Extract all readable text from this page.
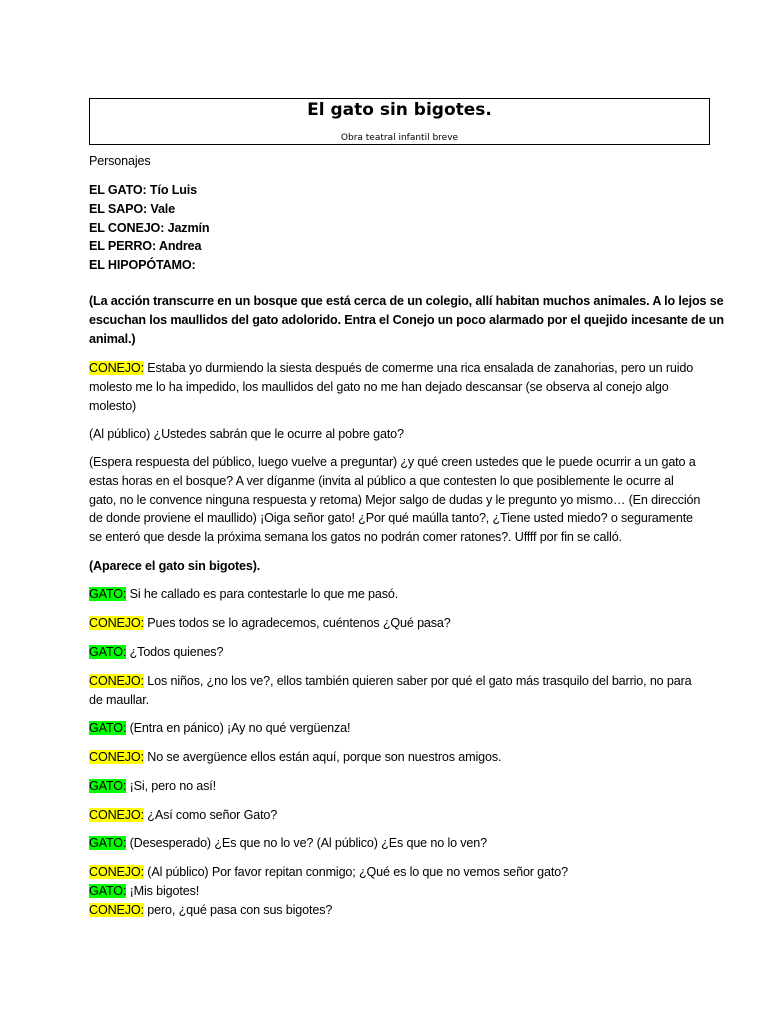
El gato sin bigotes.
Obra teatral infantil breve
Personajes
EL GATO: Tío Luis
EL SAPO: Vale
EL CONEJO: Jazmín
EL PERRO: Andrea
EL HIPOPÓTAMO:
(La acción transcurre en un bosque que está cerca de un colegio, allí habitan muchos animales. A lo lejos se
escuchan los maullidos del gato adolorido. Entra el Conejo un poco alarmado por el quejido incesante de un
animal.)
CONEJO: Estaba yo durmiendo la siesta después de comerme una rica ensalada de zanahorias, pero un ruido
molesto me lo ha impedido, los maullidos del gato no me han dejado descansar (se observa al conejo algo
molesto)
(Al público) ¿Ustedes sabrán que le ocurre al pobre gato?
(Espera respuesta del público, luego vuelve a preguntar) ¿y qué creen ustedes que le puede ocurrir a un gato a
estas horas en el bosque? A ver díganme (invita al público a que contesten lo que posiblemente le ocurre al
gato, no le convence ninguna respuesta y retoma) Mejor salgo de dudas y le pregunto yo mismo… (En dirección
de donde proviene el maullido) ¡Oiga señor gato! ¿Por qué maúlla tanto?, ¿Tiene usted miedo? o seguramente
se enteró que desde la próxima semana los gatos no podrán comer ratones?. Uffff por fin se calló.
(Aparece el gato sin bigotes).
GATO: Si he callado es para contestarle lo que me pasó.
CONEJO: Pues todos se lo agradecemos, cuéntenos ¿Qué pasa?
GATO: ¿Todos quienes?
CONEJO: Los niños, ¿no los ve?, ellos también quieren saber por qué el gato más trasquilo del barrio, no para
de maullar.
GATO: (Entra en pánico) ¡Ay no qué vergüenza!
CONEJO: No se avergüence ellos están aquí, porque son nuestros amigos.
GATO: ¡Si, pero no así!
CONEJO: ¿Así como señor Gato?
GATO: (Desesperado) ¿Es que no lo ve? (Al público) ¿Es que no lo ven?
CONEJO: (Al público) Por favor repitan conmigo; ¿Qué es lo que no vemos señor gato?
GATO: ¡Mis bigotes!
CONEJO: pero, ¿qué pasa con sus bigotes?
